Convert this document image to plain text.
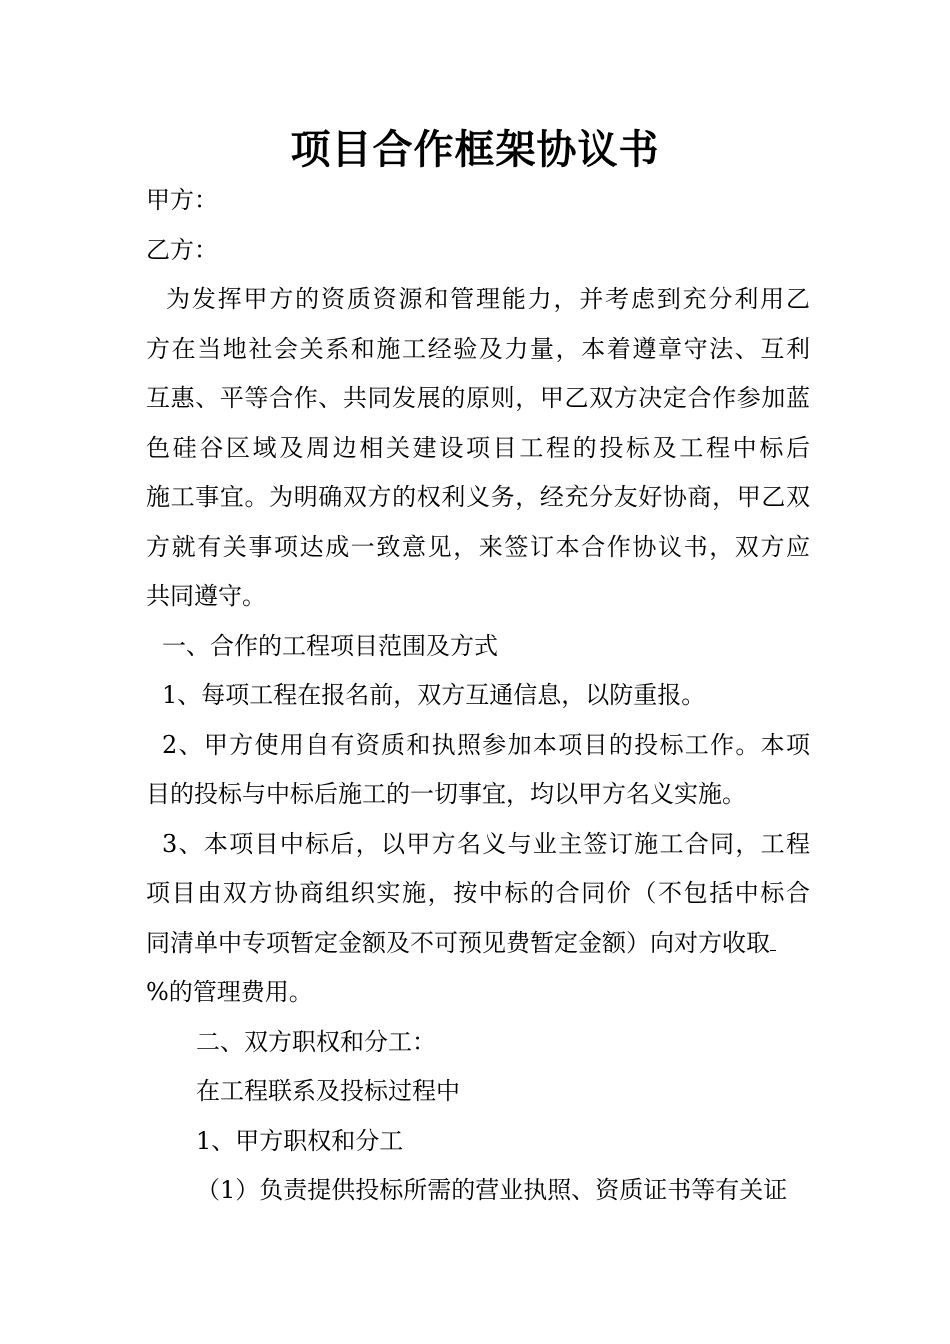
项目合作框架协议书
甲方：
乙方：
为发挥甲方的资质资源和管理能力，并考虑到充分利用乙
方在当地社会关系和施工经验及力量，本着遵章守法、互利
互惠、平等合作、共同发展的原则，甲乙双方决定合作参加蓝
色硅谷区域及周边相关建设项目工程的投标及工程中标后
施工事宜。为明确双方的权利义务，经充分友好协商，甲乙双
方就有关事项达成一致意见，来签订本合作协议书，双方应
共同遵守。
一、合作的工程项目范围及方式
1、每项工程在报名前，双方互通信息，以防重报。
2、甲方使用自有资质和执照参加本项目的投标工作。本项
目的投标与中标后施工的一切事宜，均以甲方名义实施。
3、本项目中标后，以甲方名义与业主签订施工合同，工程
项目由双方协商组织实施，按中标的合同价（不包括中标合
同清单中专项暂定金额及不可预见费暂定金额）向对方收取
%的管理费用。
二、双方职权和分工：
在工程联系及投标过程中
1、甲方职权和分工
（1）负责提供投标所需的营业执照、资质证书等有关证
